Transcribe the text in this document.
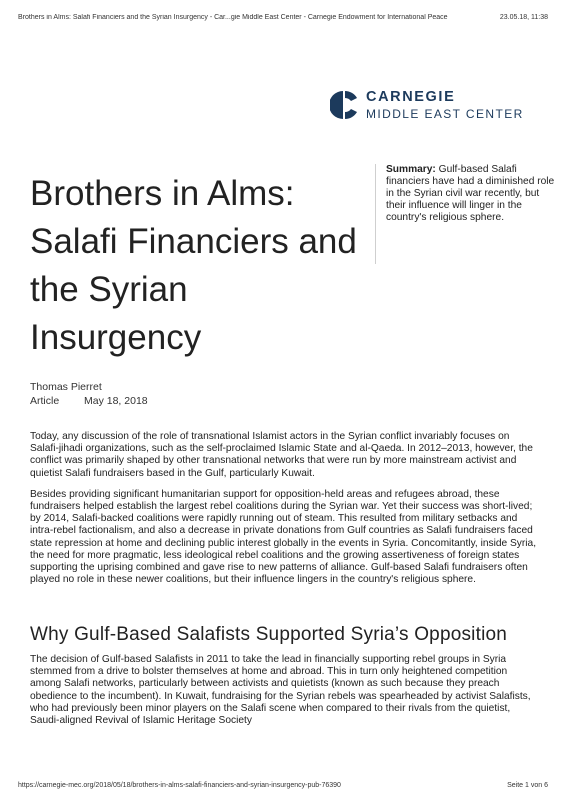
Brothers in Alms: Salafi Financiers and the Syrian Insurgency - Car...gie Middle East Center - Carnegie Endowment for International Peace	23.05.18, 11:38
CARNEGIE
MIDDLE EAST CENTER
Brothers in Alms: Salafi Financiers and the Syrian Insurgency
Summary: Gulf-based Salafi financiers have had a diminished role in the Syrian civil war recently, but their influence will linger in the country's religious sphere.
Thomas Pierret
Article	May 18, 2018

Today, any discussion of the role of transnational Islamist actors in the Syrian conflict invariably focuses on Salafi-jihadi organizations, such as the self-proclaimed Islamic State and al-Qaeda. In 2012–2013, however, the conflict was primarily shaped by other transnational networks that were run by more mainstream activist and quietist Salafi fundraisers based in the Gulf, particularly Kuwait.

Besides providing significant humanitarian support for opposition-held areas and refugees abroad, these fundraisers helped establish the largest rebel coalitions during the Syrian war. Yet their success was short-lived; by 2014, Salafi-backed coalitions were rapidly running out of steam. This resulted from military setbacks and intra-rebel factionalism, and also a decrease in private donations from Gulf countries as Salafi fundraisers faced state repression at home and declining public interest globally in the events in Syria. Concomitantly, inside Syria, the need for more pragmatic, less ideological rebel coalitions and the growing assertiveness of foreign states supporting the uprising combined and gave rise to new patterns of alliance. Gulf-based Salafi fundraisers often played no role in these newer coalitions, but their influence lingers in the country's religious sphere.

Why Gulf-Based Salafists Supported Syria’s Opposition

The decision of Gulf-based Salafists in 2011 to take the lead in financially supporting rebel groups in Syria stemmed from a drive to bolster themselves at home and abroad. This in turn only heightened competition among Salafi networks, particularly between activists and quietists (known as such because they preach obedience to the incumbent). In Kuwait, fundraising for the Syrian rebels was spearheaded by activist Salafists, who had previously been minor players on the Salafi scene when compared to their rivals from the quietist, Saudi-aligned Revival of Islamic Heritage Society

https://carnegie-mec.org/2018/05/18/brothers-in-alms-salafi-financiers-and-syrian-insurgency-pub-76390	Seite 1 von 6
